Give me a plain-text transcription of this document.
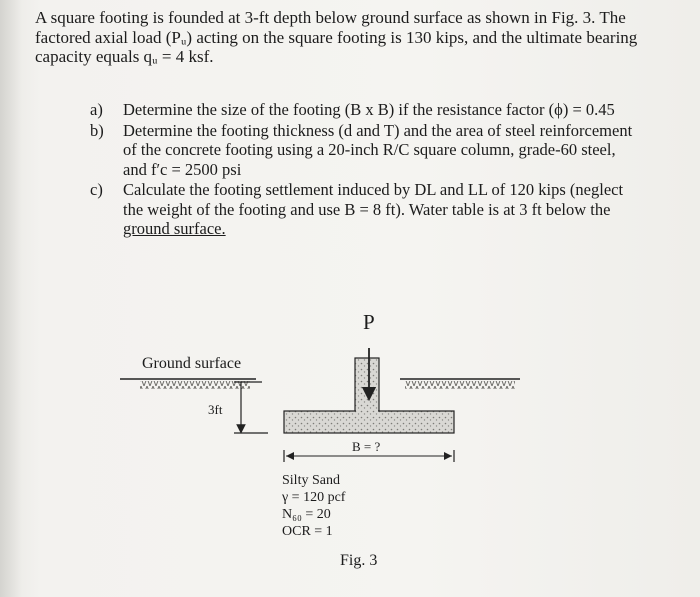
A square footing is founded at 3-ft depth below ground surface as shown in Fig. 3. The
factored axial load (Pᵤ) acting on the square footing is 130 kips, and the ultimate bearing
capacity equals qᵤ = 4 ksf.
a) Determine the size of the footing (B x B) if the resistance factor (ϕ) = 0.45
b) Determine the footing thickness (d and T) and the area of steel reinforcement
of the concrete footing using a 20-inch R/C square column, grade-60 steel,
and f′c = 2500 psi
c) Calculate the footing settlement induced by DL and LL of 120 kips (neglect
the weight of the footing and use B = 8 ft). Water table is at 3 ft below the
ground surface.
P
Ground surface
3ft
B = ?
Silty Sand
γ = 120 pcf
N₆₀ = 20
OCR = 1
Fig. 3
